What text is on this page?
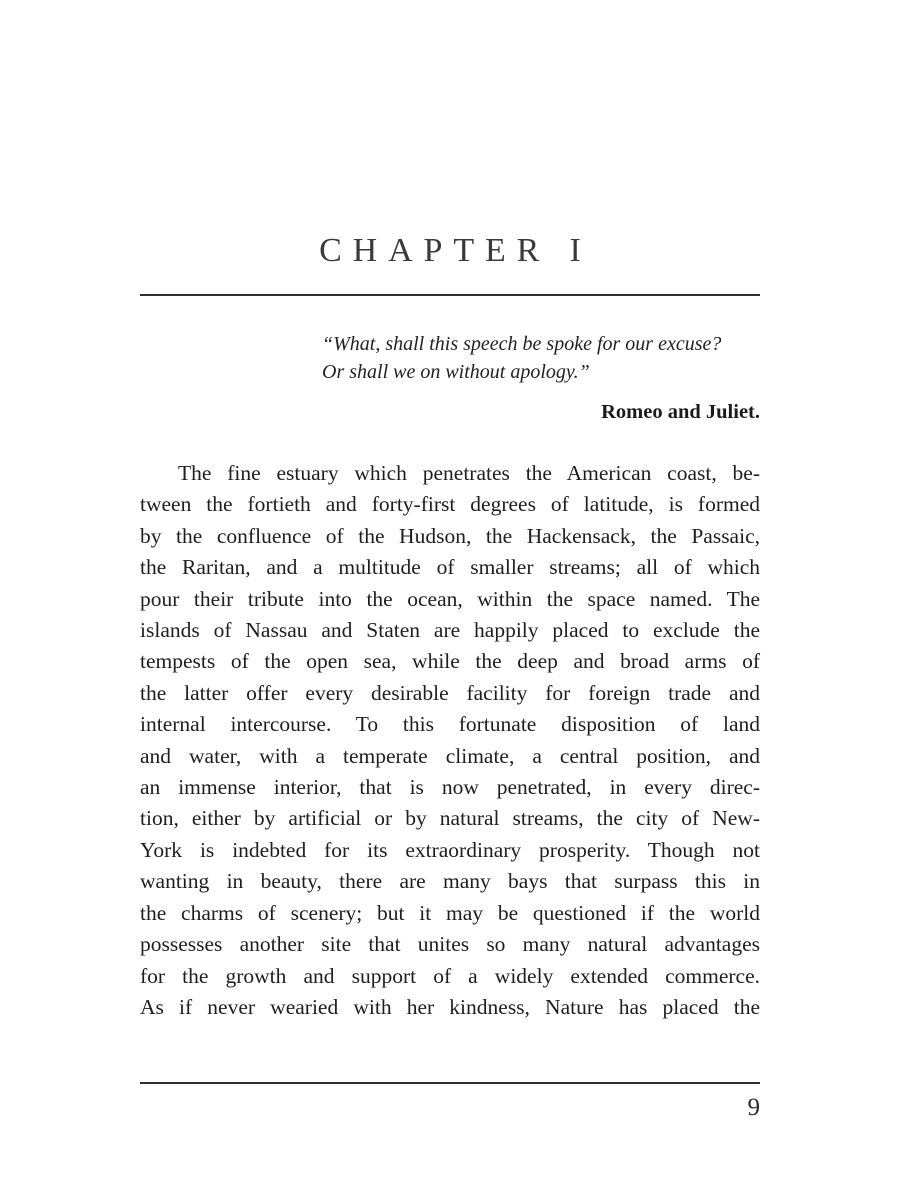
CHAPTER I
“What, shall this speech be spoke for our excuse?
Or shall we on without apology.”
Romeo and Juliet.
The fine estuary which penetrates the American coast, be-
tween the fortieth and forty-first degrees of latitude, is formed
by the confluence of the Hudson, the Hackensack, the Passaic,
the Raritan, and a multitude of smaller streams; all of which
pour their tribute into the ocean, within the space named. The
islands of Nassau and Staten are happily placed to exclude the
tempests of the open sea, while the deep and broad arms of
the latter offer every desirable facility for foreign trade and
internal intercourse. To this fortunate disposition of land
and water, with a temperate climate, a central position, and
an immense interior, that is now penetrated, in every direc-
tion, either by artificial or by natural streams, the city of New-
York is indebted for its extraordinary prosperity. Though not
wanting in beauty, there are many bays that surpass this in
the charms of scenery; but it may be questioned if the world
possesses another site that unites so many natural advantages
for the growth and support of a widely extended commerce.
As if never wearied with her kindness, Nature has placed the
9
